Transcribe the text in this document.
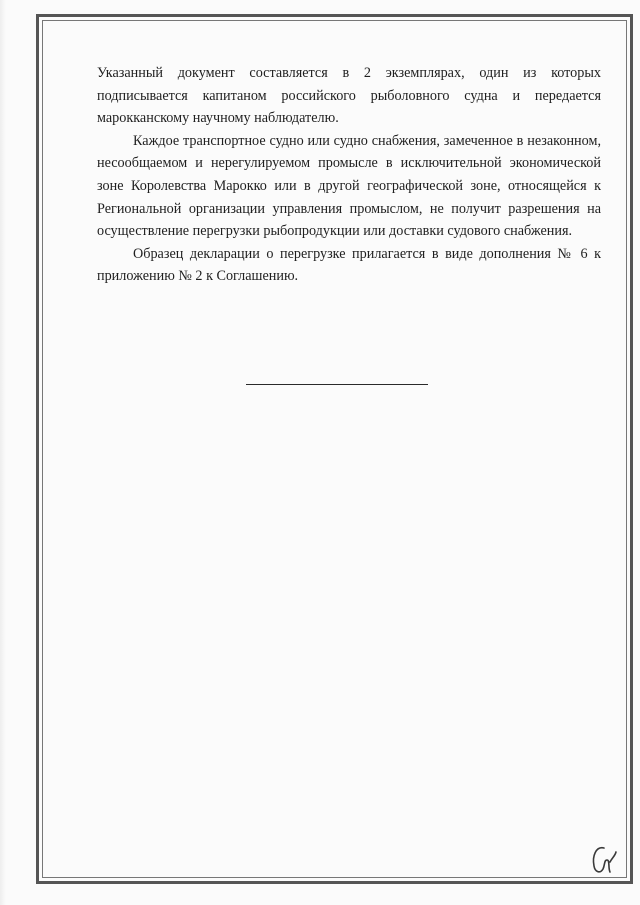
Указанный документ составляется в 2 экземплярах, один из которых подписывается капитаном российского рыболовного судна и передается марокканскому научному наблюдателю.

Каждое транспортное судно или судно снабжения, замеченное в незаконном, несообщаемом и нерегулируемом промысле в исключительной экономической зоне Королевства Марокко или в другой географической зоне, относящейся к Региональной организации управления промыслом, не получит разрешения на осуществление перегрузки рыбопродукции или доставки судового снабжения.

Образец декларации о перегрузке прилагается в виде дополнения № 6 к приложению № 2 к Соглашению.
